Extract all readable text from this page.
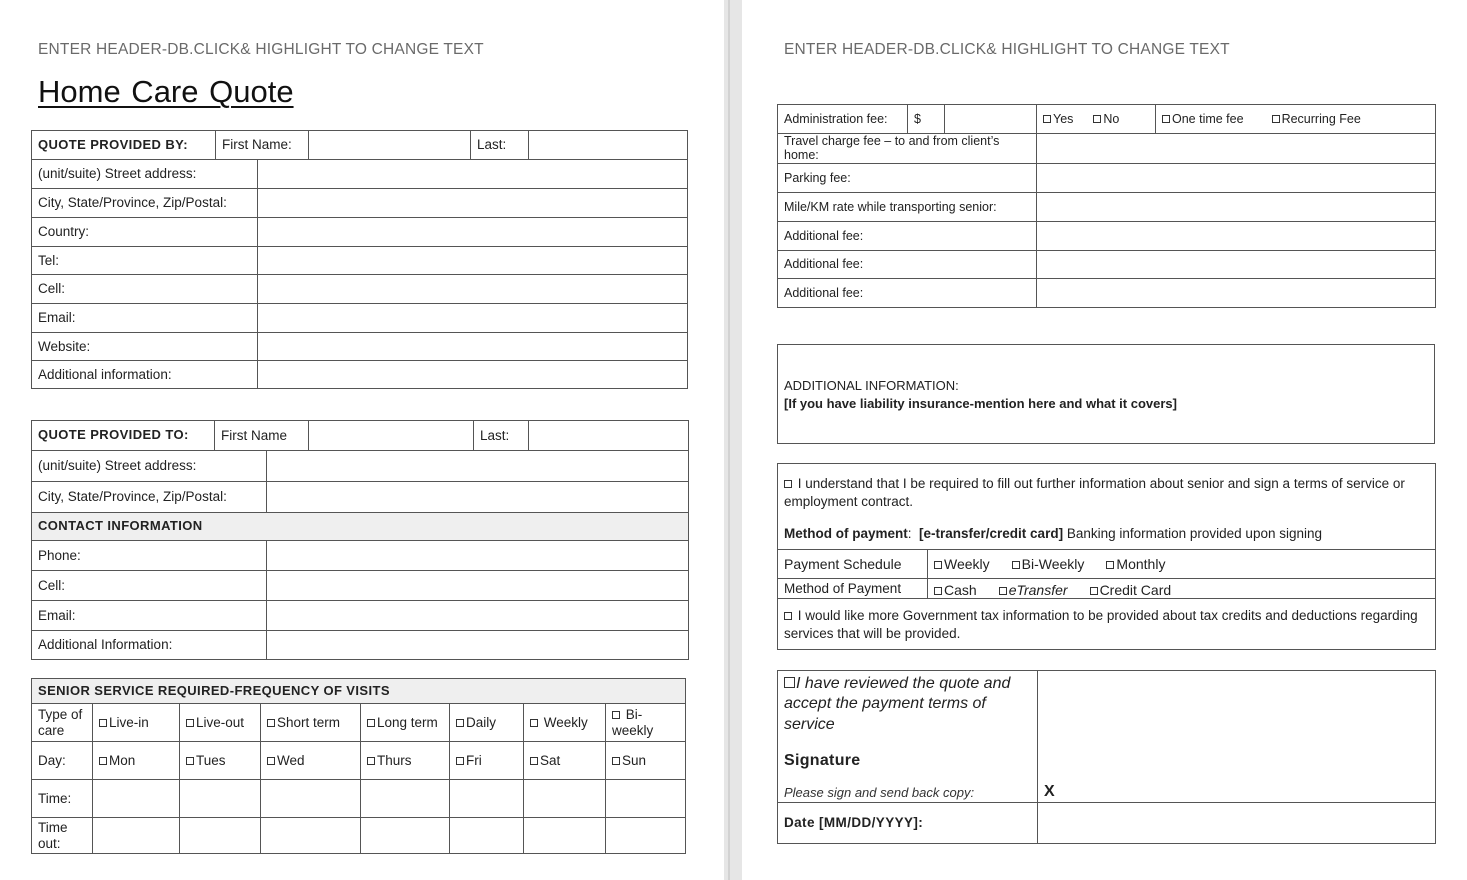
ENTER HEADER-DB.CLICK& HIGHLIGHT TO CHANGE TEXT
Home Care Quote
QUOTE PROVIDED BY:	First Name:			Last:	
(unit/suite) Street address:					
City, State/Province, Zip/Postal:					
Country:					
Tel:					
Cell:					
Email:					
Website:					
Additional information:					
QUOTE PROVIDED TO:	First Name			Last:	
(unit/suite) Street address:					
City, State/Province, Zip/Postal:					
CONTACT INFORMATION					
Phone:					
Cell:					
Email:					
Additional Information:					
SENIOR SERVICE REQUIRED-FREQUENCY OF VISITS							
Type of care	Live-in	Live-out	Short term	Long term	Daily	Weekly	Bi-weekly
Day:	Mon	Tues	Wed	Thurs	Fri	Sat	Sun
Time:							
Time out:							
ENTER HEADER-DB.CLICK& HIGHLIGHT TO CHANGE TEXT
Administration fee:	$		Yes No	One time fee Recurring Fee
Travel charge fee – to and from client’s home:				
Parking fee:				
Mile/KM rate while transporting senior:				
Additional fee:				
Additional fee:				
Additional fee:				
ADDITIONAL INFORMATION:
[If you have liability insurance-mention here and what it covers]
I understand that I be required to fill out further information about senior and sign a terms of service or employment contract.
Method of payment:  [e-transfer/credit card] Banking information provided upon signing	

Payment Schedule	Weekly Bi-Weekly Monthly
Method of Payment	Cash eTransfer Credit Card
I would like more Government tax information to be provided about tax credits and deductions regarding services that will be provided.	
I have reviewed the quote and accept the payment terms of service
Signature
Please sign and send back copy:	X
Date [MM/DD/YYYY]:	
